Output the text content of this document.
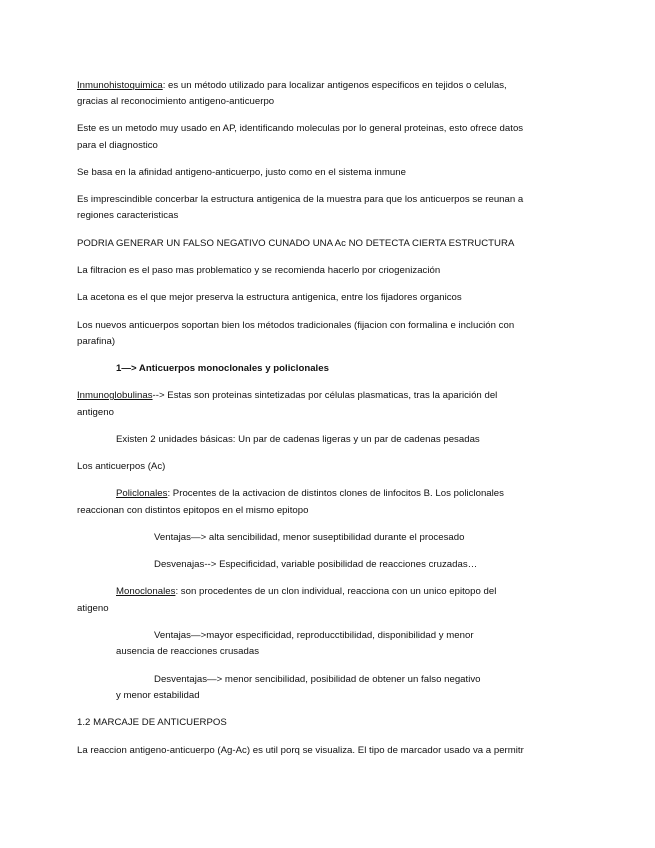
Inmunohistoquimica: es un método utilizado para localizar antigenos especificos en tejidos o celulas,
gracias al reconocimiento antigeno-anticuerpo
Este es un metodo muy usado en AP, identificando moleculas por lo general proteinas, esto ofrece datos
para el diagnostico
Se basa en la afinidad antigeno-anticuerpo, justo como en el sistema inmune
Es imprescindible concerbar la estructura antigenica de la muestra para que los anticuerpos se reunan a
regiones caracteristicas
PODRIA GENERAR UN FALSO NEGATIVO CUNADO UNA Ac NO DETECTA CIERTA ESTRUCTURA
La filtracion es el paso mas problematico y se recomienda hacerlo por criogenización
La acetona es el que mejor preserva la estructura antigenica, entre los fijadores organicos
Los nuevos anticuerpos soportan bien los métodos tradicionales (fijacion con formalina e inclución con
parafina)
1—> Anticuerpos monoclonales y policlonales
Inmunoglobulinas--> Estas son proteinas sintetizadas por células plasmaticas, tras la aparición del
antigeno
Existen 2 unidades básicas: Un par de cadenas ligeras y un par de cadenas pesadas
Los anticuerpos (Ac)
Policlonales: Procentes de la activacion de distintos clones de linfocitos B. Los policlonales
reaccionan con distintos epitopos en el mismo epitopo
Ventajas—> alta sencibilidad, menor suseptibilidad durante el procesado
Desvenajas--> Especificidad, variable posibilidad de reacciones cruzadas…
Monoclonales: son procedentes de un clon individual, reacciona con un unico epitopo del
atigeno
Ventajas—>mayor especificidad, reproducctibilidad, disponibilidad y menor
ausencia de reacciones crusadas
Desventajas—> menor sencibilidad, posibilidad de obtener un falso negativo
y menor estabilidad
1.2 MARCAJE DE ANTICUERPOS
La reaccion antigeno-anticuerpo (Ag-Ac) es util porq se visualiza. El tipo de marcador usado va a permitr
